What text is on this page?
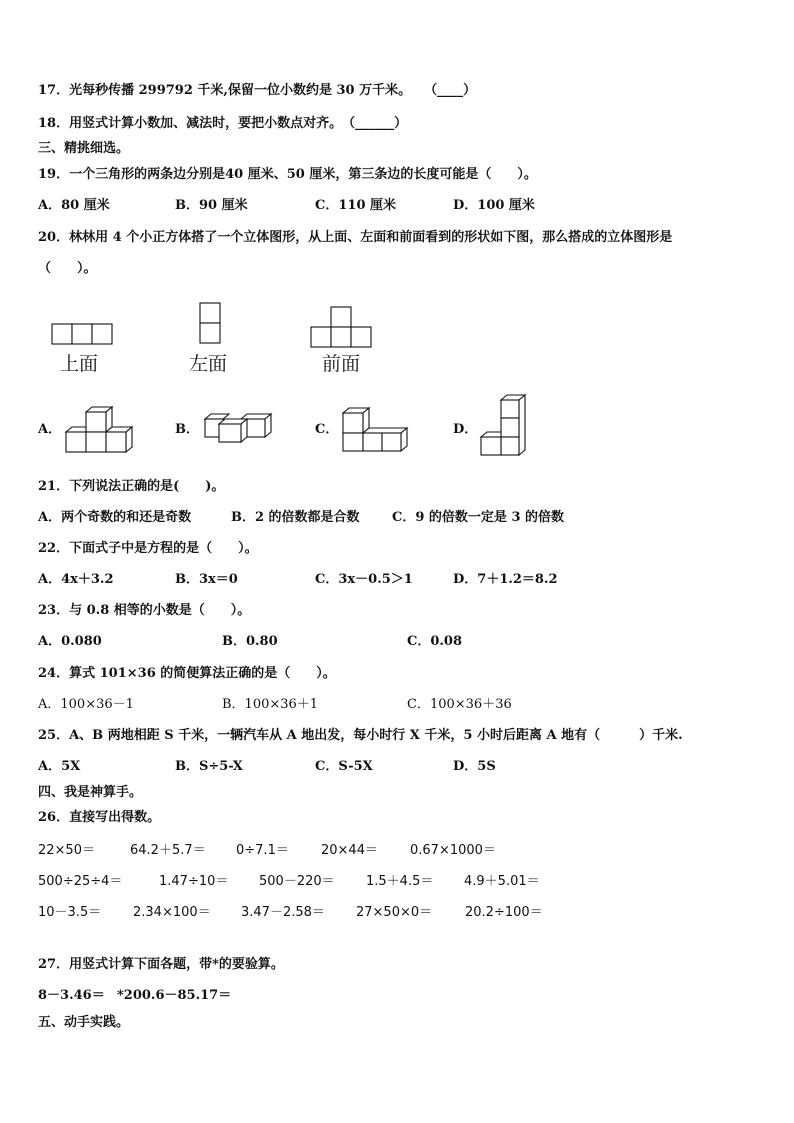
17．光每秒传播 299792 千米,保留一位小数约是 30 万千米。　　（____）
18．用竖式计算小数加、减法时，要把小数点对齐。　（______）
三、精挑细选。
19．一个三角形的两条边分别是40 厘米、50 厘米，第三条边的长度可能是（　　）。
A．80 厘米	B．90 厘米	C．110 厘米	D．100 厘米
20．林林用 4 个小正方体搭了一个立体图形，从上面、左面和前面看到的形状如下图，那么搭成的立体图形是
（　　）。
上面	左面	前面
A．	B．	C．	D．
21．下列说法正确的是(　　)。
A．两个奇数的和还是奇数	B．2 的倍数都是合数 C．9 的倍数一定是 3 的倍数
22．下面式子中是方程的是（　　）。
A．4x＋3.2	B．3x＝0	C．3x－0.5＞1	D．7＋1.2＝8.2
23．与 0.8 相等的小数是（　　）。
A．0.080	B．0.80	C．0.08
24．算式 101×36 的简便算法正确的是（　　）。
A．100×36－1	B．100×36＋1	C．100×36＋36
25．A、B 两地相距 S 千米，一辆汽车从 A 地出发，每小时行 X 千米，5 小时后距离 A 地有（　　　）千米.
A．5X	B．S÷5-X	C．S-5X	D．5S
四、我是神算手。
26．直接写出得数。
22×50＝	64.2＋5.7＝ 0÷7.1＝ 20×44＝ 0.67×1000＝
500÷25÷4＝	1.47÷10＝ 500－220＝ 1.5＋4.5＝ 4.9＋5.01＝
10－3.5＝ 2.34×100＝ 3.47－2.58＝ 27×50×0＝	20.2÷100＝
27．用竖式计算下面各题，带*的要验算。
8－3.46＝ *200.6－85.17＝
五、动手实践。
